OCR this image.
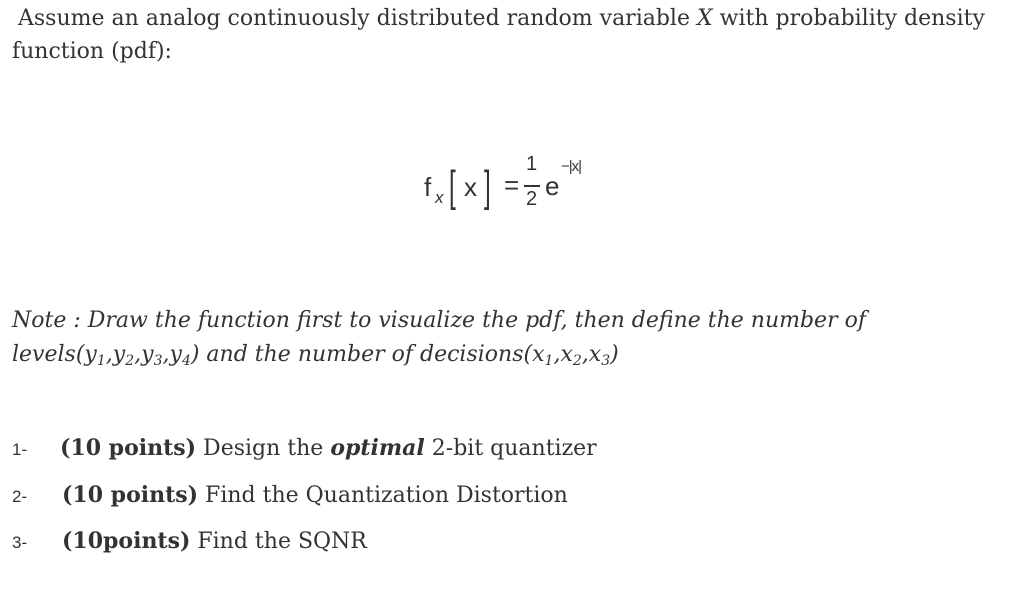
Assume an analog continuously distributed random variable X with probability density
function (pdf):
f x [ x ] =
1
2 e
−|x|
Note : Draw the function first to visualize the pdf, then define the number of $levels(y_1,y_2,y_3,y_4)$ and the number of $decisions(x_1,x_2,x_3)$
1- (10 points) Design the optimal 2-bit quantizer
2- (10 points) Find the Quantization Distortion
3- (10points) Find the SQNR
